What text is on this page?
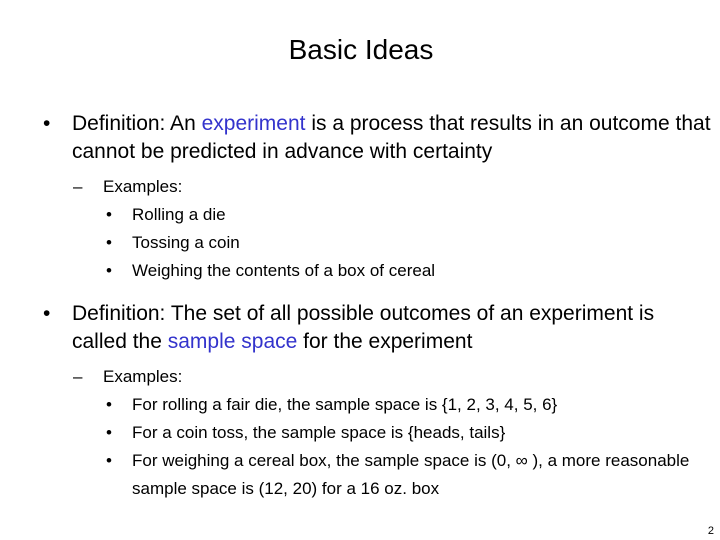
Basic Ideas
• Definition: An experiment is a process that results in an outcome that cannot be predicted in advance with certainty
– Examples:
• Rolling a die
• Tossing a coin
• Weighing the contents of a box of cereal
• Definition: The set of all possible outcomes of an experiment is called the sample space for the experiment
– Examples:
• For rolling a fair die, the sample space is {1, 2, 3, 4, 5, 6}
• For a coin toss, the sample space is {heads, tails}
• For weighing a cereal box, the sample space is (0, ∞ ), a more reasonable sample space is (12, 20) for a 16 oz. box
2
